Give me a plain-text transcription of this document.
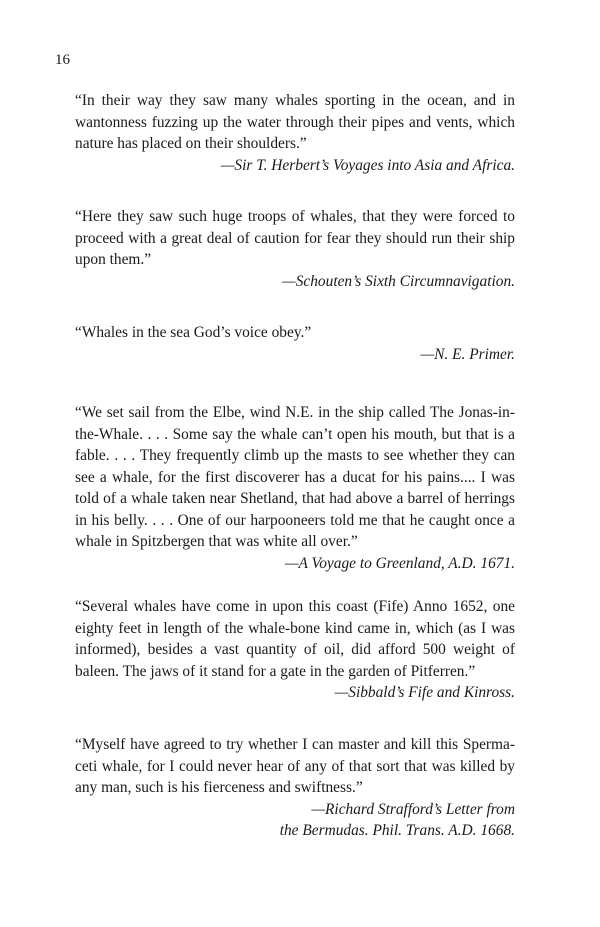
16

“In their way they saw many whales sporting in the ocean, and in wantonness fuzzing up the water through their pipes and vents, which nature has placed on their shoulders.”

—Sir T. Herbert’s Voyages into Asia and Africa.

“Here they saw such huge troops of whales, that they were forced to proceed with a great deal of caution for fear they should run their ship upon them.”

—Schouten’s Sixth Circumnavigation.

“Whales in the sea God’s voice obey.”

—N. E. Primer.

“We set sail from the Elbe, wind N.E. in the ship called The Jonas-in-the-Whale. . . . Some say the whale can’t open his mouth, but that is a fable. . . . They frequently climb up the masts to see whether they can see a whale, for the first discoverer has a ducat for his pains.... I was told of a whale taken near Shetland, that had above a barrel of herrings in his belly. . . . One of our harpooneers told me that he caught once a whale in Spitzbergen that was white all over.”

—A Voyage to Greenland, A.D. 1671.

“Several whales have come in upon this coast (Fife) Anno 1652, one eighty feet in length of the whale-bone kind came in, which (as I was informed), besides a vast quantity of oil, did afford 500 weight of baleen. The jaws of it stand for a gate in the garden of Pitferren.”

—Sibbald’s Fife and Kinross.

“Myself have agreed to try whether I can master and kill this Spermaceti whale, for I could never hear of any of that sort that was killed by any man, such is his fierceness and swiftness.”

—Richard Strafford’s Letter from
the Bermudas. Phil. Trans. A.D. 1668.
